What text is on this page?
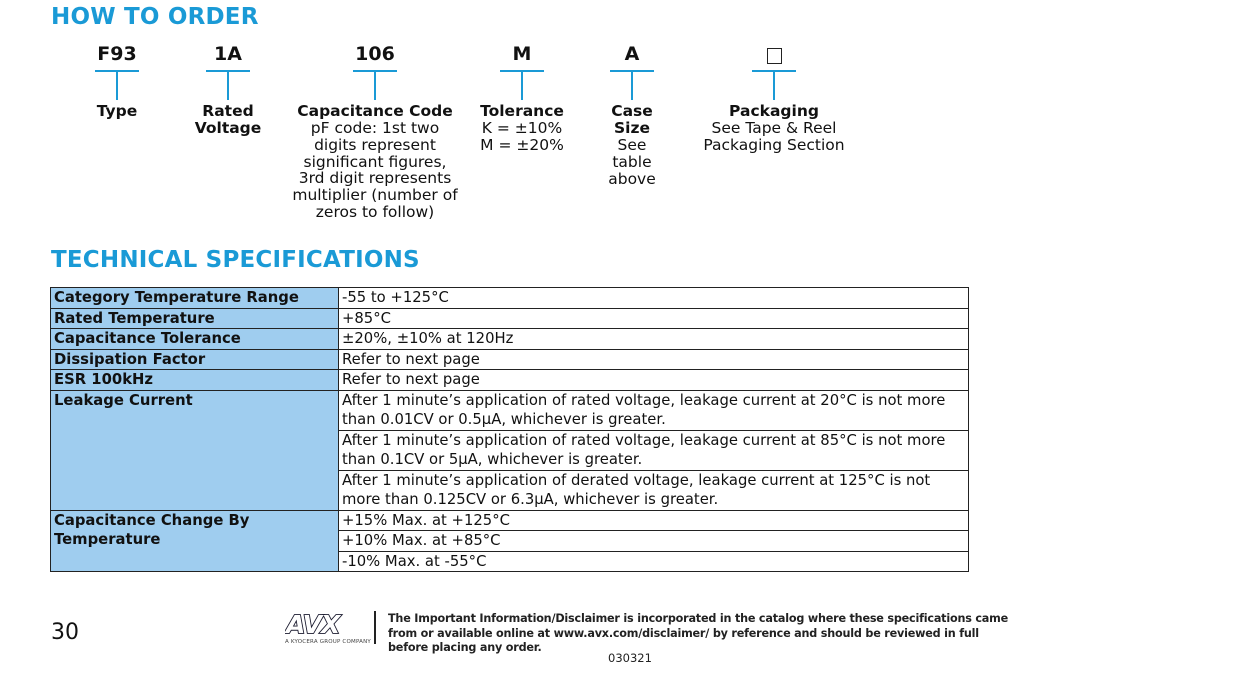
HOW TO ORDER
F93
Type
1A
Rated
Voltage
106
Capacitance Code
pF code: 1st two
digits represent
significant figures,
3rd digit represents
multiplier (number of
zeros to follow)
M
Tolerance
K = ±10%
M = ±20%
A
Case
Size
See
table
above
Packaging
See Tape & Reel
Packaging Section
TECHNICAL SPECIFICATIONS
Category Temperature Range	-55 to +125°C
Rated Temperature	+85°C
Capacitance Tolerance	±20%, ±10% at 120Hz
Dissipation Factor	Refer to next page
ESR 100kHz	Refer to next page
Leakage Current	After 1 minute’s application of rated voltage, leakage current at 20°C is not more than 0.01CV or 0.5μA, whichever is greater.
	After 1 minute’s application of rated voltage, leakage current at 85°C is not more than 0.1CV or 5μA, whichever is greater.
	After 1 minute’s application of derated voltage, leakage current at 125°C is not more than 0.125CV or 6.3μA, whichever is greater.
Capacitance Change By Temperature	+15% Max. at +125°C
	+10% Max. at +85°C
	-10% Max. at -55°C
30	AVX
A KYOCERA GROUP COMPANY
The Important Information/Disclaimer is incorporated in the catalog where these specifications came from or available online at www.avx.com/disclaimer/ by reference and should be reviewed in full before placing any order.
030321
